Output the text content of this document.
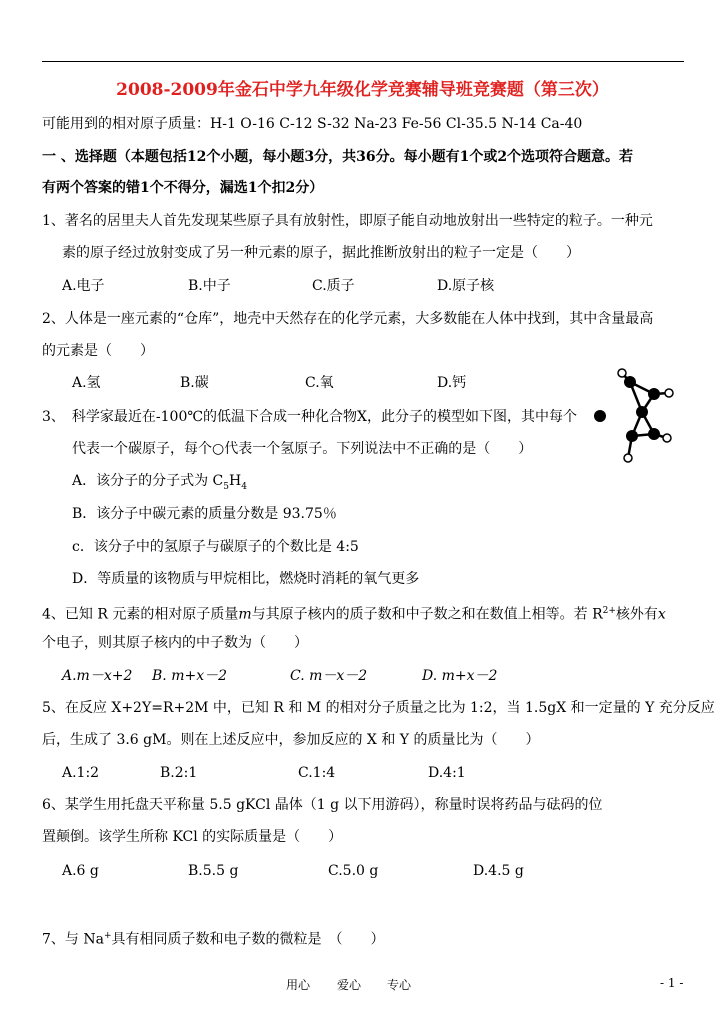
2008-2009年金石中学九年级化学竞赛辅导班竞赛题（第三次）
可能用到的相对原子质量：H-1 O-16 C-12 S-32 Na-23 Fe-56 Cl-35.5 N-14 Ca-40
一 、选择题（本题包括12个小题，每小题3分，共36分。每小题有1个或2个选项符合题意。若
有两个答案的错1个不得分，漏选1个扣2分）
1、著名的居里夫人首先发现某些原子具有放射性，即原子能自动地放射出一些特定的粒子。一种元
素的原子经过放射变成了另一种元素的原子，据此推断放射出的粒子一定是（　　）
A.电子	B.中子	C.质子	D.原子核
2、人体是一座元素的“仓库”，地壳中天然存在的化学元素，大多数能在人体中找到，其中含量最高
的元素是（　　）
A.氢	B.碳	C.氧	D.钙
3、　科学家最近在-100℃的低温下合成一种化合物X，此分子的模型如下图，其中每个
代表一个碳原子，每个○代表一个氢原子。下列说法中不正确的是（　　）
A．该分子的分子式为 $C_5H_4$
B．该分子中碳元素的质量分数是 93.75％
c．该分子中的氢原子与碳原子的个数比是 4:5
D．等质量的该物质与甲烷相比，燃烧时消耗的氧气更多
4、已知 R 元素的相对原子质量m与其原子核内的质子数和中子数之和在数值上相等。若 $R^{2+}$核外有x
个电子，则其原子核内的中子数为（　　）
A.m－x+2 B. m+x－2	C. m－x－2	D. m+x－2
5、在反应 X+2Y=R+2M 中，已知 R 和 M 的相对分子质量之比为 1:2，当 1.5gX 和一定量的 Y 充分反应
后，生成了 3.6 gM。则在上述反应中，参加反应的 X 和 Y 的质量比为（　　）
A.1:2	B.2:1	C.1:4	D.4:1
6、某学生用托盘天平称量 5.5 gKCl 晶体（1 g 以下用游码），称量时误将药品与砝码的位
置颠倒。该学生所称 KCl 的实际质量是（　　）
A.6 g	B.5.5 g	C.5.0 g	D.4.5 g
7、与 Na+具有相同质子数和电子数的微粒是　（　　）
用心 爱心 专心	- 1 -
